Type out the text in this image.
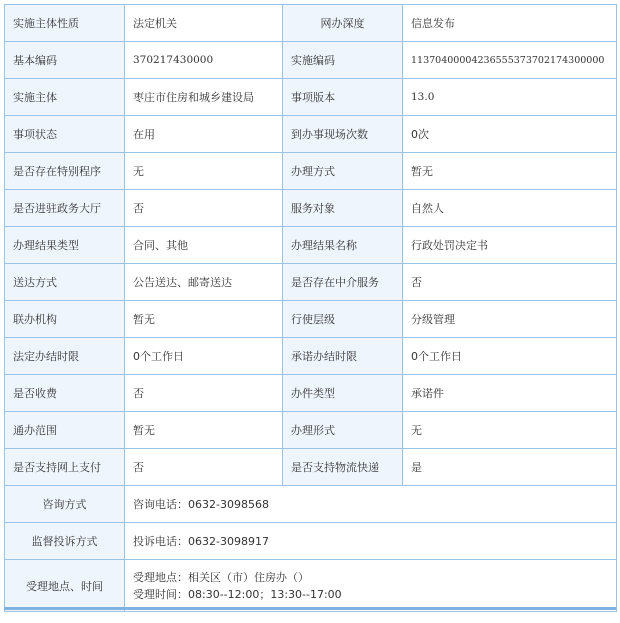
实施主体性质	法定机关	网办深度	信息发布
基本编码	370217430000	实施编码	11370400004236555373702174300000
实施主体	枣庄市住房和城乡建设局	事项版本	13.0
事项状态	在用	到办事现场次数	0次
是否存在特别程序	无	办理方式	暂无
是否进驻政务大厅	否	服务对象	自然人
办理结果类型	合同、其他	办理结果名称	行政处罚决定书
送达方式	公告送达、邮寄送达	是否存在中介服务	否
联办机构	暂无	行使层级	分级管理
法定办结时限	0个工作日	承诺办结时限	0个工作日
是否收费	否	办件类型	承诺件
通办范围	暂无	办理形式	无
是否支持网上支付	否	是否支持物流快递	是
咨询方式	咨询电话：0632-3098568		
监督投诉方式	投诉电话：0632-3098917		
受理地点、时间	受理地点：相关区（市）住房办（）
受理时间：08:30--12:00；13:30--17:00		
